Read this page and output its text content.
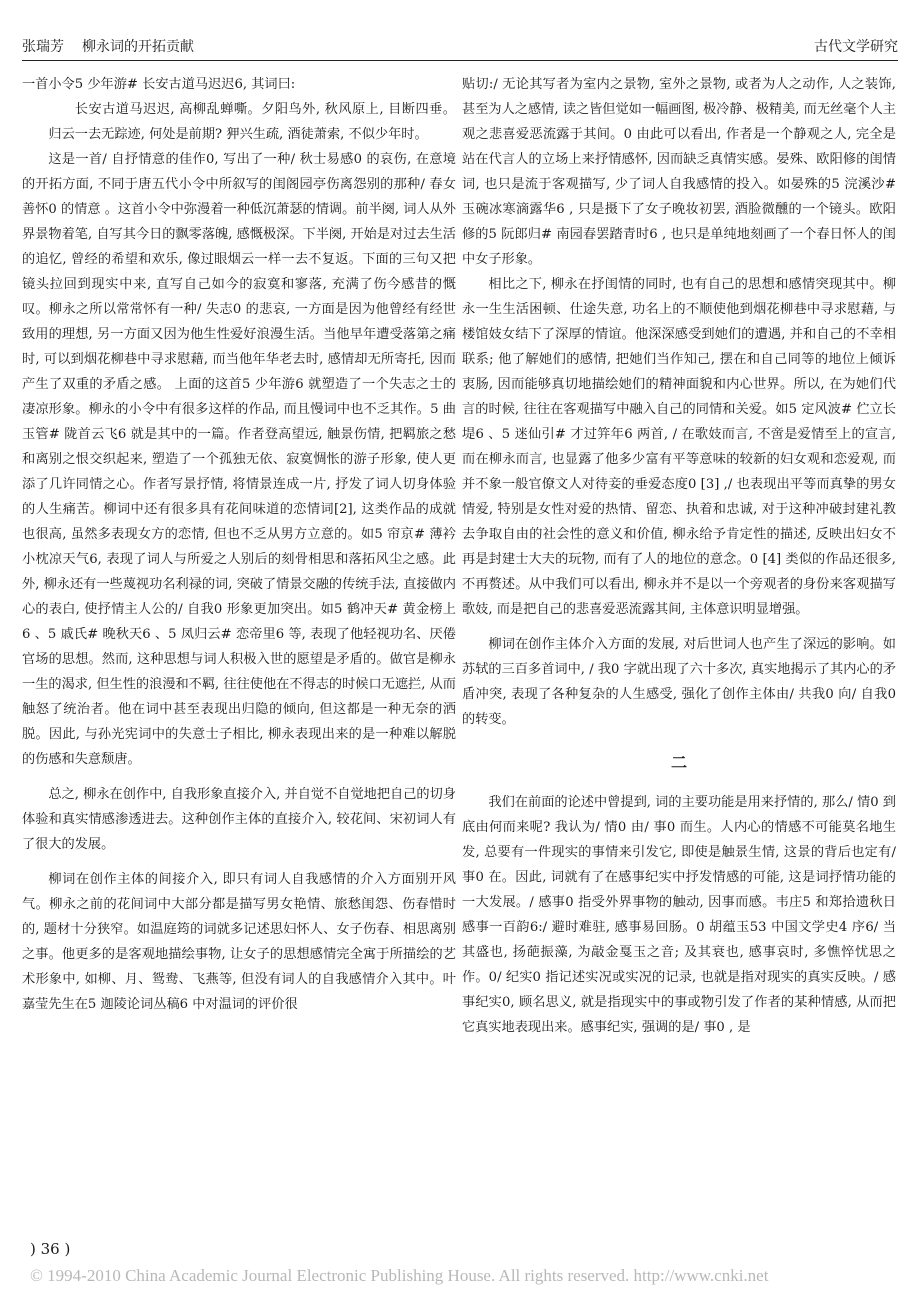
张瑞芳 柳永词的开拓贡献	古代文学研究

一首小令5 少年游# 长安古道马迟迟6, 其词曰:

长安古道马迟迟, 高柳乱蝉嘶。夕阳鸟外, 秋风原上, 目断四垂。 归云一去无踪迹, 何处是前期? 狎兴生疏, 酒徒萧索, 不似少年时。

这是一首/ 自抒情意的佳作0, 写出了一种/ 秋士易感0 的哀伤, 在意境的开拓方面, 不同于唐五代小令中所叙写的闺阁园亭伤离怨别的那种/ 春女善怀0 的情意 。这首小令中弥漫着一种低沉萧瑟的情调。前半阕, 词人从外界景物着笔, 自写其今日的飘零落魄, 感慨极深。下半阕, 开始是对过去生活的追忆, 曾经的希望和欢乐, 像过眼烟云一样一去不复返。下面的三句又把镜头拉回到现实中来, 直写自己如今的寂寞和寥落, 充满了伤今感昔的慨叹。柳永之所以常常怀有一种/ 失志0 的悲哀, 一方面是因为他曾经有经世致用的理想, 另一方面又因为他生性爱好浪漫生活。当他早年遭受落第之痛时, 可以到烟花柳巷中寻求慰藉, 而当他年华老去时, 感情却无所寄托, 因而产生了双重的矛盾之感。 上面的这首5 少年游6 就塑造了一个失志之士的凄凉形象。柳永的小令中有很多这样的作品, 而且慢词中也不乏其作。5 曲玉管# 陇首云飞6 就是其中的一篇。作者登高望远, 触景伤情, 把羁旅之愁和离别之恨交织起来, 塑造了一个孤独无依、寂寞惆怅的游子形象, 使人更添了几许同情之心。作者写景抒情, 将情景连成一片, 抒发了词人切身体验的人生痛苦。柳词中还有很多具有花间味道的恋情词[2], 这类作品的成就也很高, 虽然多表现女方的恋情, 但也不乏从男方立意的。如5 帘京# 薄衿小枕凉天气6, 表现了词人与所爱之人别后的刻骨相思和落拓风尘之感。此外, 柳永还有一些蔑视功名利禄的词, 突破了情景交融的传统手法, 直接做内心的表白, 使抒情主人公的/ 自我0 形象更加突出。如5 鹤冲天# 黄金榜上6 、5 戚氏# 晚秋天6 、5 凤归云# 恋帝里6 等, 表现了他轻视功名、厌倦官场的思想。然而, 这种思想与词人积极入世的愿望是矛盾的。做官是柳永一生的渴求, 但生性的浪漫和不羁, 往往使他在不得志的时候口无遮拦, 从而触怒了统治者。他在词中甚至表现出归隐的倾向, 但这都是一种无奈的洒脱。因此, 与孙光宪词中的失意士子相比, 柳永表现出来的是一种难以解脱的伤感和失意颓唐。

总之, 柳永在创作中, 自我形象直接介入, 并自觉不自觉地把自己的切身体验和真实情感渗透进去。这种创作主体的直接介入, 较花间、宋初词人有了很大的发展。

柳词在创作主体的间接介入, 即只有词人自我感情的介入方面别开风气。柳永之前的花间词中大部分都是描写男女艳情、旅愁闺怨、伤春惜时的, 题材十分狭窄。如温庭筠的词就多记述思妇怀人、女子伤春、相思离别之事。他更多的是客观地描绘事物, 让女子的思想感情完全寓于所描绘的艺术形象中, 如柳、月、鸳鸯、飞燕等, 但没有词人的自我感情介入其中。叶嘉莹先生在5 迦陵论词丛稿6 中对温词的评价很

贴切:/ 无论其写者为室内之景物, 室外之景物, 或者为人之动作, 人之装饰, 甚至为人之感情, 读之皆但觉如一幅画图, 极冷静、极精美, 而无丝毫个人主观之悲喜爱恶流露于其间。0 由此可以看出, 作者是一个静观之人, 完全是站在代言人的立场上来抒情感怀, 因而缺乏真情实感。晏殊、欧阳修的闺情词, 也只是流于客观描写, 少了词人自我感情的投入。如晏殊的5 浣溪沙# 玉碗冰寒滴露华6 , 只是摄下了女子晚妆初罢, 酒脸微醺的一个镜头。欧阳修的5 阮郎归# 南园春罢踏青时6 , 也只是单纯地刻画了一个春日怀人的闺中女子形象。

相比之下, 柳永在抒闺情的同时, 也有自己的思想和感情突现其中。柳永一生生活困顿、仕途失意, 功名上的不顺使他到烟花柳巷中寻求慰藉, 与楼馆妓女结下了深厚的情谊。他深深感受到她们的遭遇, 并和自己的不幸相联系; 他了解她们的感情, 把她们当作知己, 摆在和自己同等的地位上倾诉衷肠, 因而能够真切地描绘她们的精神面貌和内心世界。所以, 在为她们代言的时候, 往往在客观描写中融入自己的同情和关爱。如5 定风波# 伫立长堤6 、5 迷仙引# 才过笄年6 两首, / 在歌妓而言, 不啻是爱情至上的宣言, 而在柳永而言, 也显露了他多少富有平等意味的较新的妇女观和恋爱观, 而并不象一般官僚文人对待妾的垂爱态度0 [3] ,/ 也表现出平等而真挚的男女情爱, 特别是女性对爱的热情、留恋、执着和忠诚, 对于这种冲破封建礼教去争取自由的社会性的意义和价值, 柳永给予肯定性的描述, 反映出妇女不再是封建士大夫的玩物, 而有了人的地位的意念。0 [4] 类似的作品还很多, 不再赘述。从中我们可以看出, 柳永并不是以一个旁观者的身份来客观描写歌妓, 而是把自己的悲喜爱恶流露其间, 主体意识明显增强。

柳词在创作主体介入方面的发展, 对后世词人也产生了深远的影响。如苏轼的三百多首词中, / 我0 字就出现了六十多次, 真实地揭示了其内心的矛盾冲突, 表现了各种复杂的人生感受, 强化了创作主体由/ 共我0 向/ 自我0 的转变。

二

我们在前面的论述中曾提到, 词的主要功能是用来抒情的, 那么/ 情0 到底由何而来呢? 我认为/ 情0 由/ 事0 而生。人内心的情感不可能莫名地生发, 总要有一件现实的事情来引发它, 即使是触景生情, 这景的背后也定有/ 事0 在。因此, 词就有了在感事纪实中抒发情感的可能, 这是词抒情功能的一大发展。/ 感事0 指受外界事物的触动, 因事而感。韦庄5 和郑拾遗秋日感事一百韵6:/ 避时难驻, 感事易回肠。0 胡蕴玉53 中国文学史4 序6/ 当其盛也, 扬葩振藻, 为敲金戛玉之音; 及其衰也, 感事哀时, 多憔悴忧思之作。0/ 纪实0 指记述实况或实况的记录, 也就是指对现实的真实反映。/ 感事纪实0, 顾名思义, 就是指现实中的事或物引发了作者的某种情感, 从而把它真实地表现出来。感事纪实, 强调的是/ 事0 , 是

) 36 )
© 1994-2010 China Academic Journal Electronic Publishing House. All rights reserved. http://www.cnki.net
